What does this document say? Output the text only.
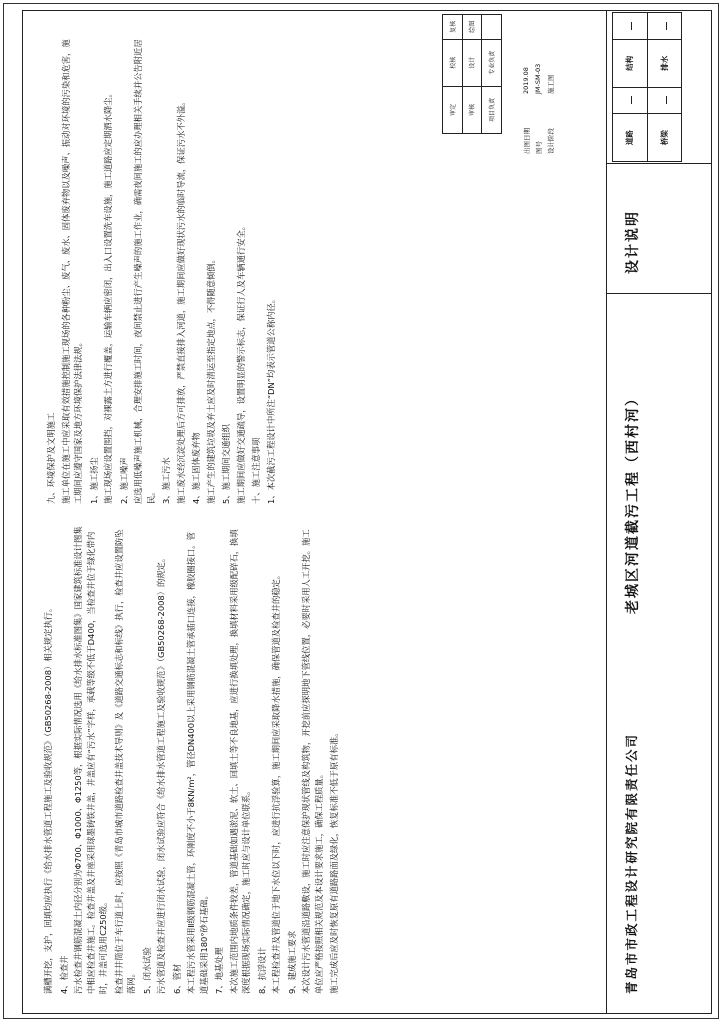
青岛市市政工程设计研究院有限责任公司
老城区河道截污工程（西村河）
设计说明
道路		结构	
桥梁		排水	
审定	校核	复核
审核	设计	绘图
项目负责	专业负责	
出图日期
2019.08
图号
JM-SM-03
设计阶段
施工图

满槽开挖，支护，回填均应执行《给水排水管道工程施工及验收规范》（GB50268-2008）相关规定执行。 4、检查井 污水检查井钢筋混凝土内径分别为Φ700、Φ1000、Φ1250等，根据实际情况选用《给水排水标准图集》国家建筑标准设计图集中相应检查井施工。检查井盖及井座采用球墨铸铁井盖，井盖应有“污水”字样，承载等级不低于D400，当检查井位于绿化带内时，井盖可选用C250级。 检查井井筒位于车行道上时，应按照《青岛市城市道路检查井盖技术导则》及《道路交通标志和标线》执行，检查井应设置防坠落网。 5、闭水试验 污水管道及检查井应进行闭水试验，闭水试验应符合《给水排水管道工程施工及验收规范》（GB50268-2008）的规定。 6、管材 本工程污水管采用Ⅱ级钢筋混凝土管，环刚度不小于8KN/m²，管径DN400以上采用钢筋混凝土管承插口连接，橡胶圈接口。管道基础采用180°砂石基础。 7、地基处理 本次施工范围内地质条件较差，管道基础如遇淤泥、软土、回填土等不良地基，应进行换填处理，换填材料采用级配碎石，换填深度根据现场实际情况确定，施工时应与设计单位联系。 8、抗浮设计 本工程检查井及管道位于地下水位以下时，应进行抗浮验算，施工期间应采取降水措施，确保管道及检查井的稳定。 9、建成施工要求 本次设计污水管道沿道路敷设，施工时应注意保护现状管线及构筑物，开挖前应探明地下管线位置，必要时采用人工开挖。施工单位应严格按照相关规范及本设计要求施工，确保工程质量。 施工完成后应及时恢复原有道路路面及绿化，恢复标准不低于原有标准。

九、环境保护及文明施工 施工单位在施工中应采取有效措施控制施工现场的各种粉尘、废气、废水、固体废弃物以及噪声、振动对环境的污染和危害，施工期间应遵守国家及地方环境保护法律法规。 1、施工扬尘 施工现场应设置围挡，对裸露土方进行覆盖，运输车辆应密闭，出入口设置洗车设施，施工道路应定期洒水降尘。 2、施工噪声 应选用低噪声施工机械，合理安排施工时间，夜间禁止进行产生噪声的施工作业，确需夜间施工的应办理相关手续并公告附近居民。 3、施工污水 施工废水经沉淀处理后方可排放，严禁直接排入河道，施工期间应做好现状污水的临时导流，保证污水不外溢。 4、施工固体废弃物 施工产生的建筑垃圾及弃土应及时清运至指定地点，不得随意倾倒。 5、施工期间交通组织 施工期间应做好交通疏导，设置明显的警示标志，保证行人及车辆通行安全。 十、施工注意事项 1、本次截污工程设计中所注“DN”均表示管道公称内径。
